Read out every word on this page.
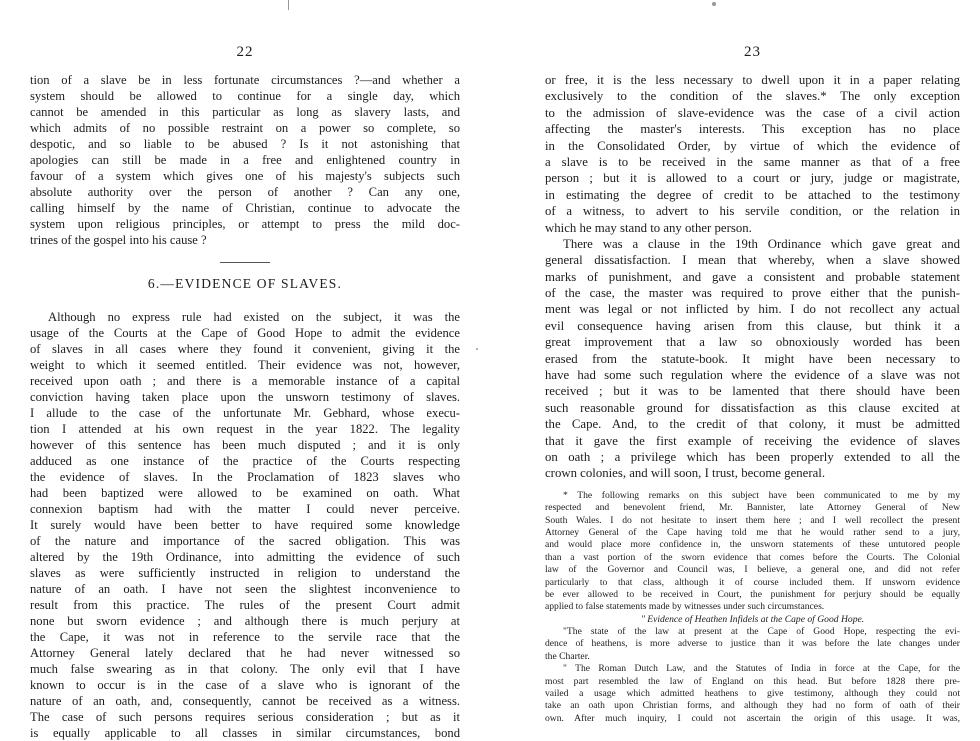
22
tion of a slave be in less fortunate circumstances ?—and whether a
system should be allowed to continue for a single day, which
cannot be amended in this particular as long as slavery lasts, and
which admits of no possible restraint on a power so complete, so
despotic, and so liable to be abused ? Is it not astonishing that
apologies can still be made in a free and enlightened country in
favour of a system which gives one of his majesty's subjects such
absolute authority over the person of another ? Can any one,
calling himself by the name of Christian, continue to advocate the
system upon religious principles, or attempt to press the mild doc-
trines of the gospel into his cause ?
6.—EVIDENCE OF SLAVES.
Although no express rule had existed on the subject, it was the
usage of the Courts at the Cape of Good Hope to admit the evidence
of slaves in all cases where they found it convenient, giving it the
weight to which it seemed entitled. Their evidence was not, however,
received upon oath ; and there is a memorable instance of a capital
conviction having taken place upon the unsworn testimony of slaves.
I allude to the case of the unfortunate Mr. Gebhard, whose execu-
tion I attended at his own request in the year 1822. The legality
however of this sentence has been much disputed ; and it is only
adduced as one instance of the practice of the Courts respecting
the evidence of slaves. In the Proclamation of 1823 slaves who
had been baptized were allowed to be examined on oath. What
connexion baptism had with the matter I could never perceive.
It surely would have been better to have required some knowledge
of the nature and importance of the sacred obligation. This was
altered by the 19th Ordinance, into admitting the evidence of such
slaves as were sufficiently instructed in religion to understand the
nature of an oath. I have not seen the slightest inconvenience to
result from this practice. The rules of the present Court admit
none but sworn evidence ; and although there is much perjury at
the Cape, it was not in reference to the servile race that the
Attorney General lately declared that he had never witnessed so
much false swearing as in that colony. The only evil that I have
known to occur is in the case of a slave who is ignorant of the
nature of an oath, and, consequently, cannot be received as a witness.
The case of such persons requires serious consideration ; but as it
is equally applicable to all classes in similar circumstances, bond
23
or free, it is the less necessary to dwell upon it in a paper relating
exclusively to the condition of the slaves.* The only exception
to the admission of slave-evidence was the case of a civil action
affecting the master's interests. This exception has no place
in the Consolidated Order, by virtue of which the evidence of
a slave is to be received in the same manner as that of a free
person ; but it is allowed to a court or jury, judge or magistrate,
in estimating the degree of credit to be attached to the testimony
of a witness, to advert to his servile condition, or the relation in
which he may stand to any other person.
There was a clause in the 19th Ordinance which gave great and
general dissatisfaction. I mean that whereby, when a slave showed
marks of punishment, and gave a consistent and probable statement
of the case, the master was required to prove either that the punish-
ment was legal or not inflicted by him. I do not recollect any actual
evil consequence having arisen from this clause, but think it a
great improvement that a law so obnoxiously worded has been
erased from the statute-book. It might have been necessary to
have had some such regulation where the evidence of a slave was not
received ; but it was to be lamented that there should have been
such reasonable ground for dissatisfaction as this clause excited at
the Cape. And, to the credit of that colony, it must be admitted
that it gave the first example of receiving the evidence of slaves
on oath ; a privilege which has been properly extended to all the
crown colonies, and will soon, I trust, become general.
* The following remarks on this subject have been communicated to me by my
respected and benevolent friend, Mr. Bannister, late Attorney General of New
South Wales. I do not hesitate to insert them here ; and I well recollect the present
Attorney General of the Cape having told me that he would rather send to a jury,
and would place more confidence in, the unsworn statements of these untutored people
than a vast portion of the sworn evidence that comes before the Courts. The Colonial
law of the Governor and Council was, I believe, a general one, and did not refer
particularly to that class, although it of course included them. If unsworn evidence
be ever allowed to be received in Court, the punishment for perjury should be equally
applied to false statements made by witnesses under such circumstances.
" Evidence of Heathen Infidels at the Cape of Good Hope.
"The state of the law at present at the Cape of Good Hope, respecting the evi-
dence of heathens, is more adverse to justice than it was before the late changes under
the Charter.
" The Roman Dutch Law, and the Statutes of India in force at the Cape, for the
most part resembled the law of England on this head. But before 1828 there pre-
vailed a usage which admitted heathens to give testimony, although they could not
take an oath upon Christian forms, and although they had no form of oath of their
own. After much inquiry, I could not ascertain the origin of this usage. It was,
